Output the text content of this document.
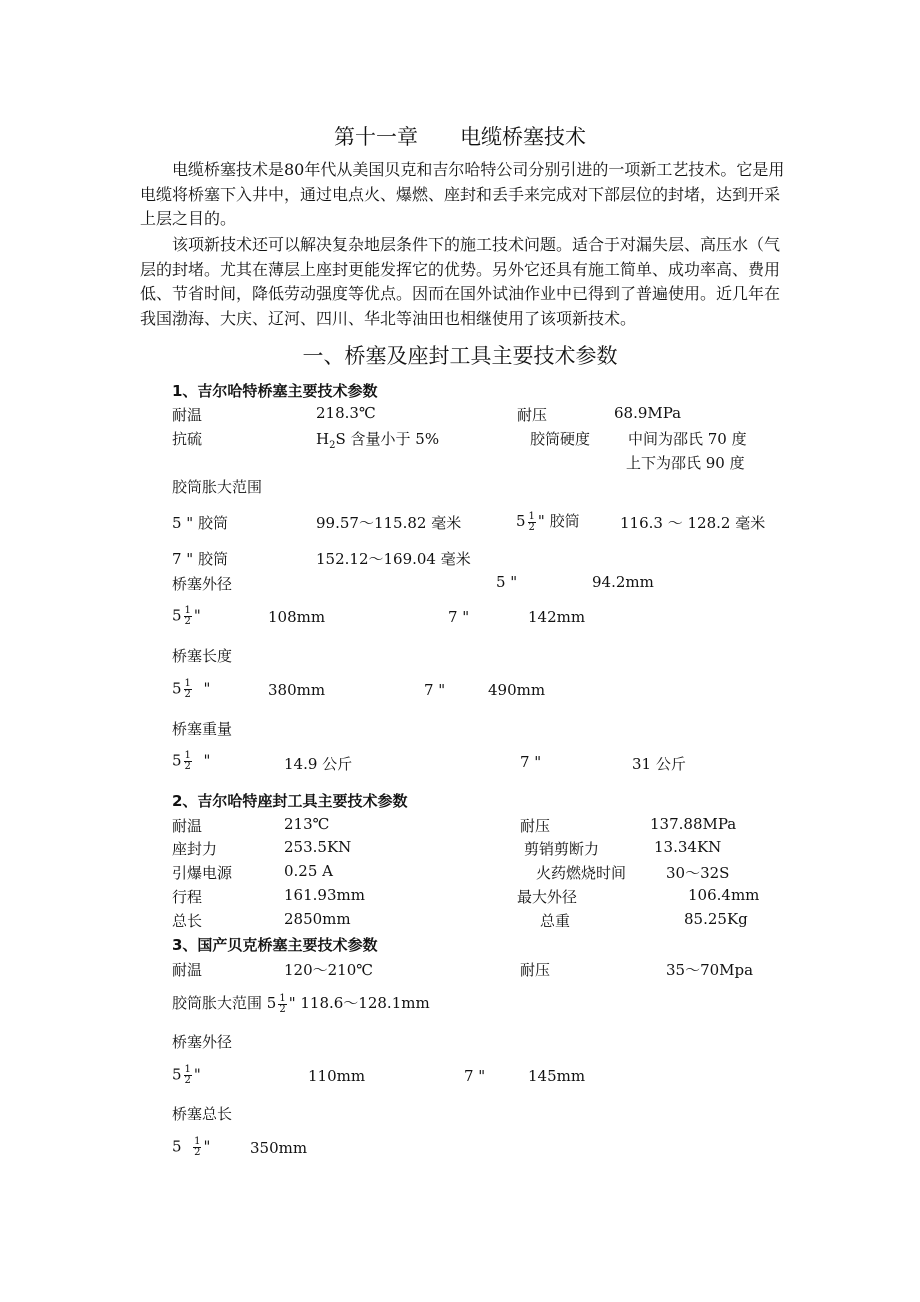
第十一章　　电缆桥塞技术
电缆桥塞技术是80年代从美国贝克和吉尔哈特公司分别引进的一项新工艺技术。它是用电缆将桥塞下入井中，通过电点火、爆燃、座封和丢手来完成对下部层位的封堵，达到开采上层之目的。
该项新技术还可以解决复杂地层条件下的施工技术问题。适合于对漏失层、高压水（气层的封堵。尤其在薄层上座封更能发挥它的优势。另外它还具有施工简单、成功率高、费用低、节省时间，降低劳动强度等优点。因而在国外试油作业中已得到了普遍使用。近几年在我国渤海、大庆、辽河、四川、华北等油田也相继使用了该项新技术。
一、桥塞及座封工具主要技术参数
1、吉尔哈特桥塞主要技术参数
耐温	218.3℃	耐压	68.9MPa
抗硫	$H_2S$ 含量小于 5%	胶筒硬度	中间为邵氏 70 度
上下为邵氏 90 度
胶筒胀大范围
5 " 胶筒	99.57～115.82 毫米	$5 \frac{1}{2}$ " 胶筒	116.3 ～ 128.2 毫米
7 " 胶筒	152.12～169.04 毫米
桥塞外径	5 "	94.2mm
$5 \frac{1}{2}$ "	108mm	7 "	142mm
桥塞长度
$5 \frac{1}{2}$ "	380mm	7 "	490mm
桥塞重量
$5 \frac{1}{2}$ "	14.9 公斤	7 "	31 公斤
2、吉尔哈特座封工具主要技术参数
耐温	213℃	耐压	137.88MPa
座封力	253.5KN	剪销剪断力	13.34KN
引爆电源	0.25 A	火药燃烧时间	30～32S
行程	161.93mm	最大外径	106.4mm
总长	2850mm	总重	85.25Kg
3、国产贝克桥塞主要技术参数
耐温	120～210℃	耐压	35～70Mpa
胶筒胀大范围 $5 \frac{1}{2}$ " 118.6～128.1mm
桥塞外径
$5 \frac{1}{2}$ "	110mm	7 "	145mm
桥塞总长
$5 \frac{1}{2}$ "	350mm
